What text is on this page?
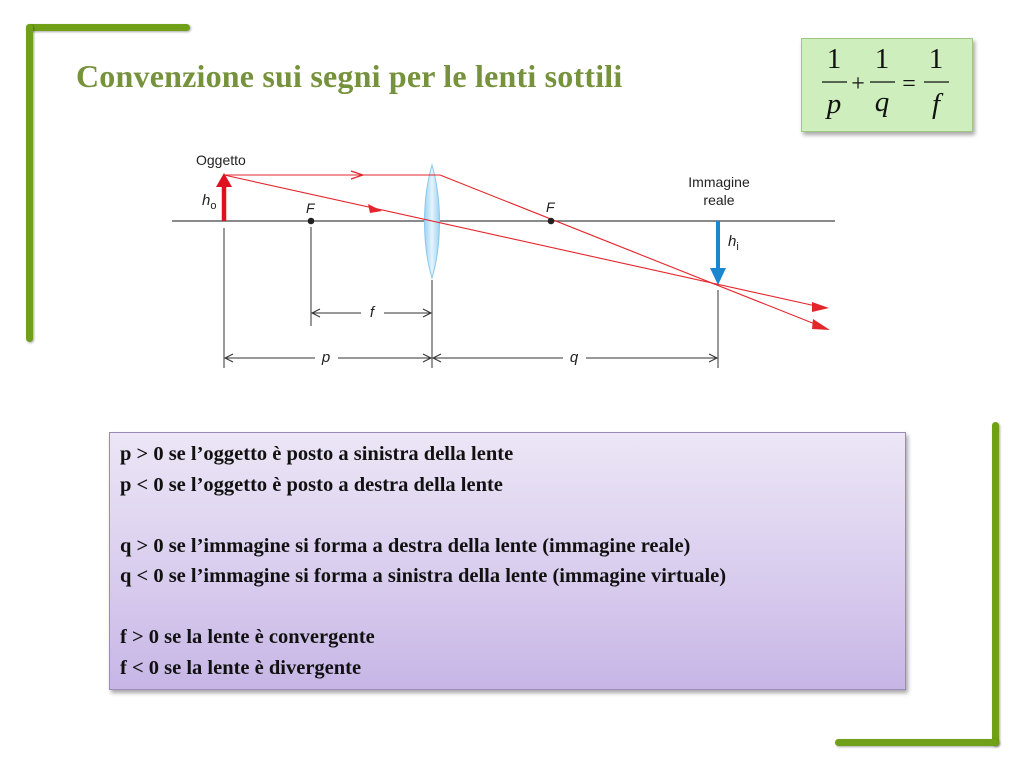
Convenzione sui segni per le lenti sottili	1
p
+
1
q
=
1
f
Oggetto
$h_o$	F	F
Immagine
reale
$h_i$
f
p	q
p > 0 se l’oggetto è posto a sinistra della lente
p < 0 se l’oggetto è posto a destra della lente
q > 0 se l’immagine si forma a destra della lente (immagine reale)
q < 0 se l’immagine si forma a sinistra della lente (immagine virtuale)
f > 0 se la lente è convergente
f < 0 se la lente è divergente
